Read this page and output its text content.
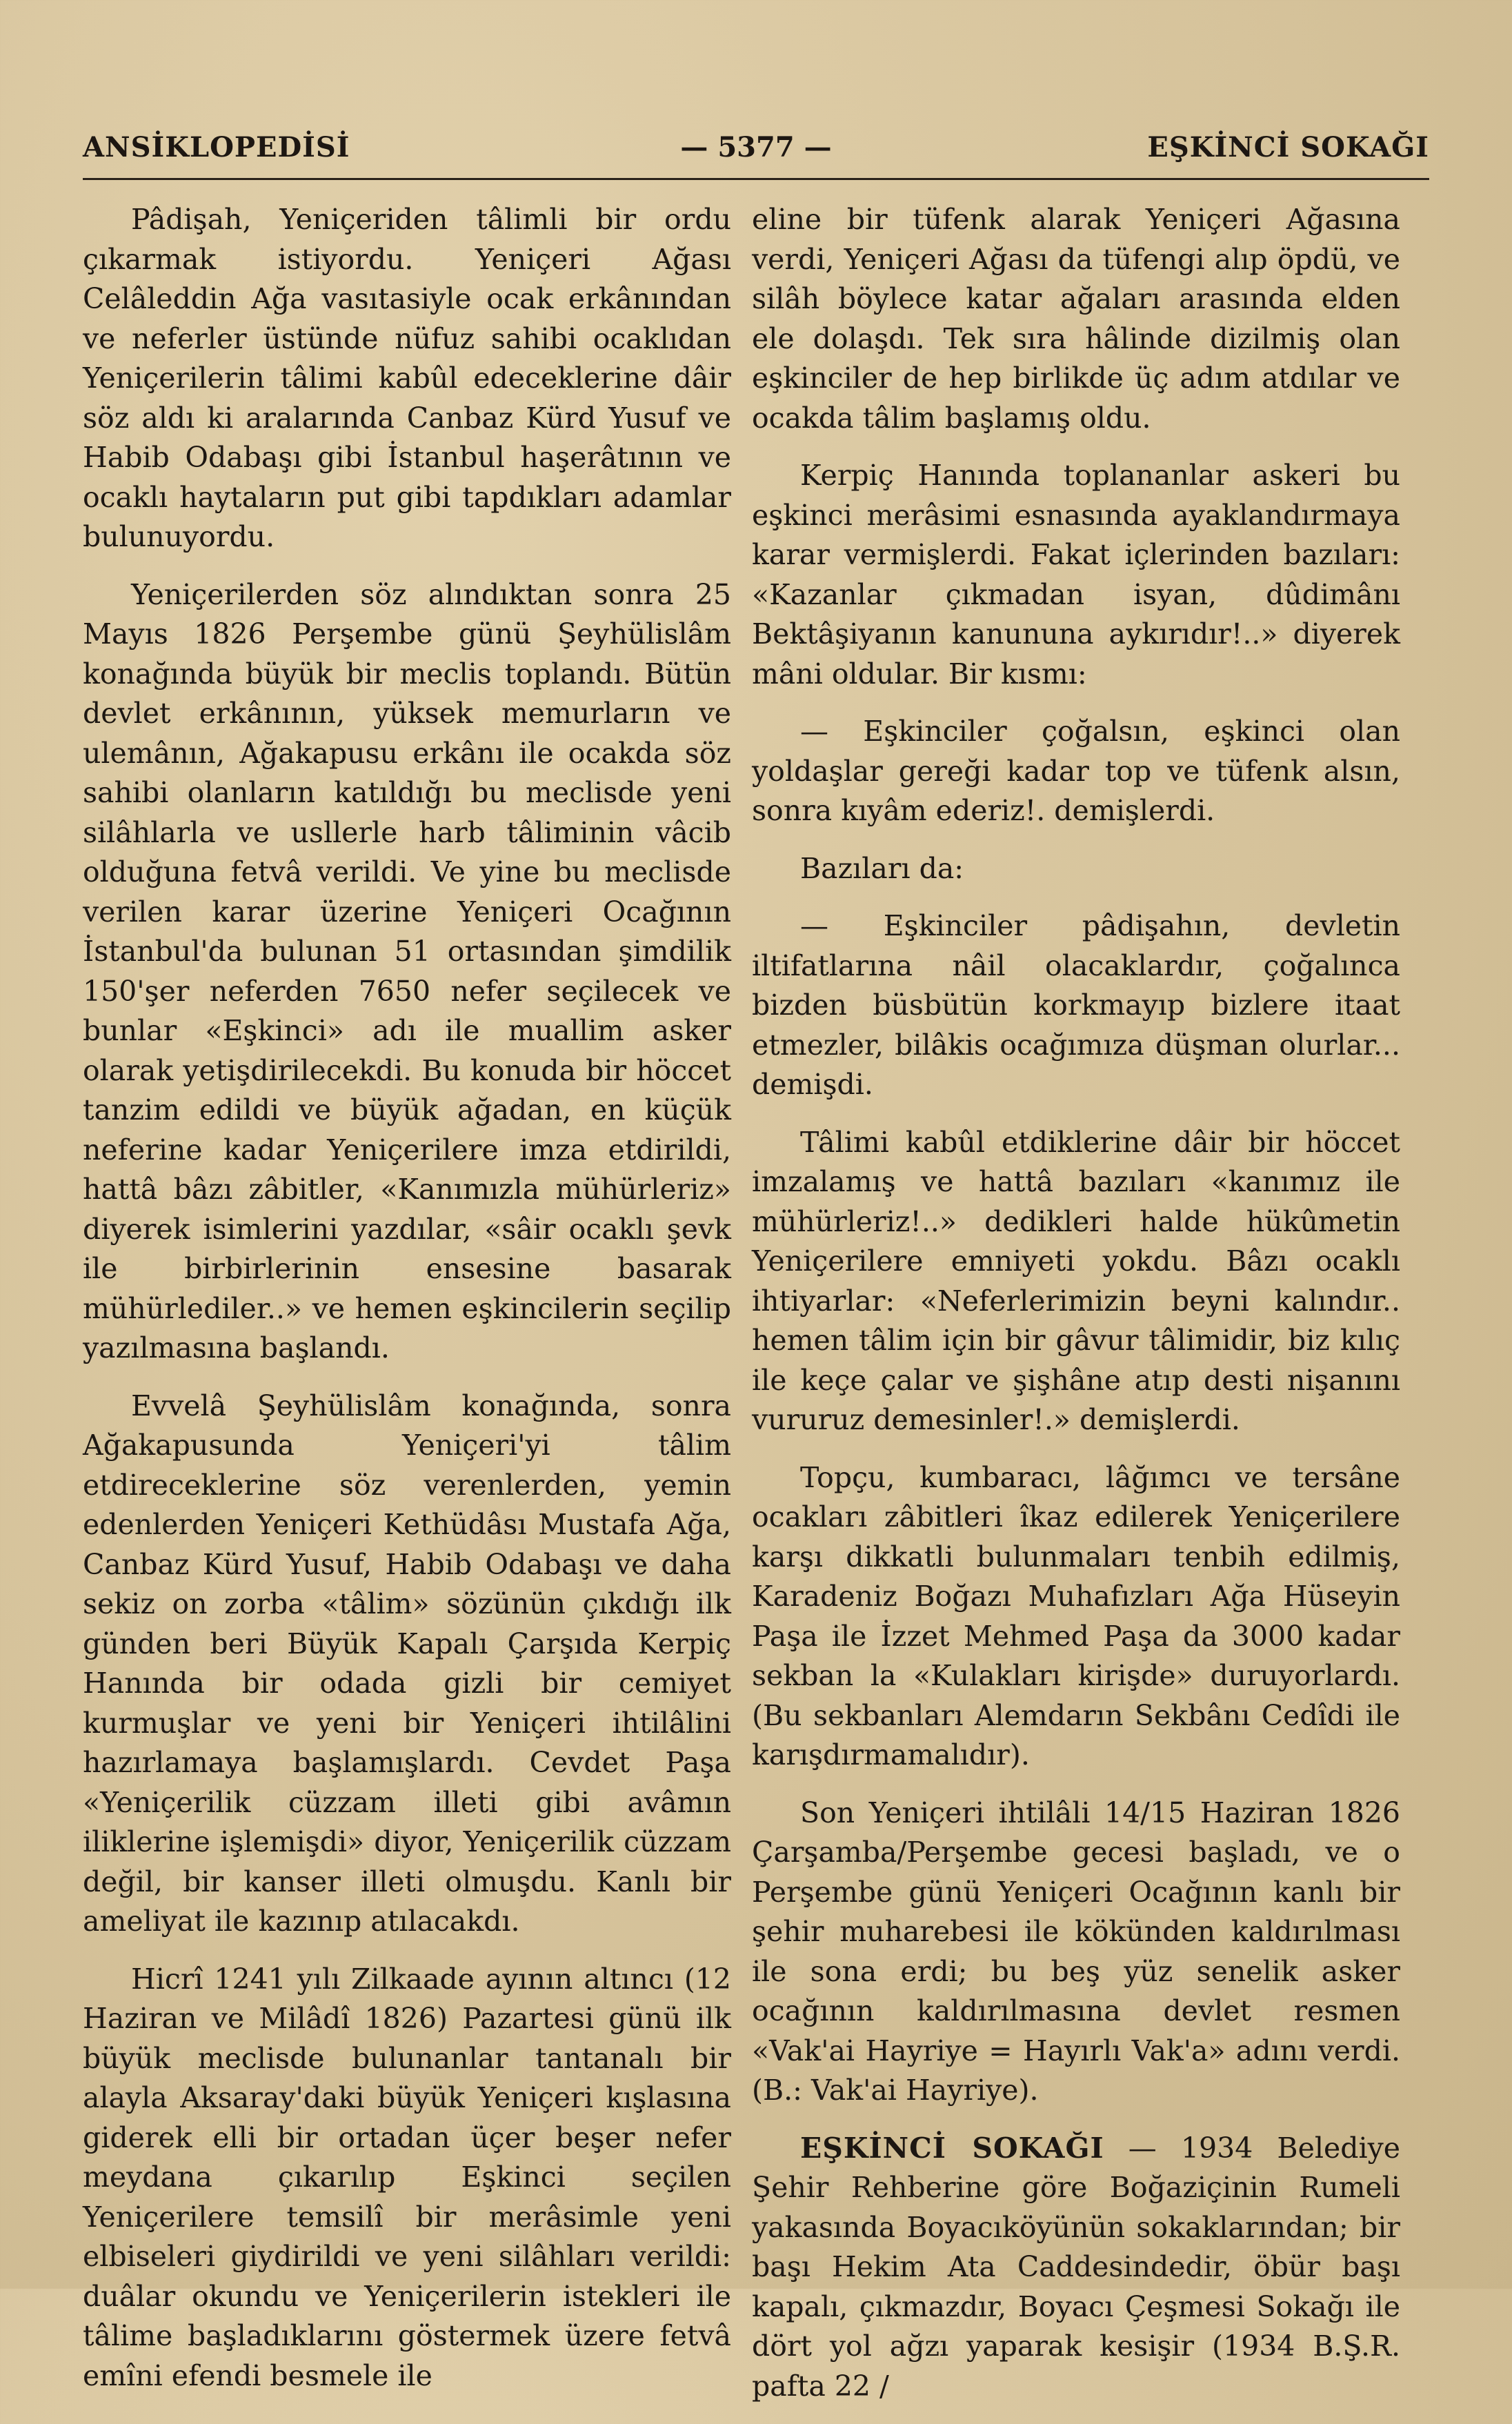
ANSİKLOPEDİSİ	— 5377 —	EŞKİNCİ SOKAĞI

Pâdişah, Yeniçeriden tâlimli bir ordu çıkarmak istiyordu. Yeniçeri Ağası Celâleddin Ağa vasıtasiyle ocak erkânından ve neferler üstünde nüfuz sahibi ocaklıdan Yeniçerilerin tâlimi kabûl edeceklerine dâir söz aldı ki aralarında Canbaz Kürd Yusuf ve Habib Odabaşı gibi İstanbul haşerâtının ve ocaklı haytaların put gibi tapdıkları adamlar bulunuyordu.

Yeniçerilerden söz alındıktan sonra 25 Mayıs 1826 Perşembe günü Şeyhülislâm konağında büyük bir meclis toplandı. Bütün devlet erkânının, yüksek memurların ve ulemânın, Ağakapusu erkânı ile ocakda söz sahibi olanların katıldığı bu meclisde yeni silâhlarla ve usllerle harb tâliminin vâcib olduğuna fetvâ verildi. Ve yine bu meclisde verilen karar üzerine Yeniçeri Ocağının İstanbul'da bulunan 51 ortasından şimdilik 150'şer neferden 7650 nefer seçilecek ve bunlar «Eşkinci» adı ile muallim asker olarak yetişdirilecekdi. Bu konuda bir höccet tanzim edildi ve büyük ağadan, en küçük neferine kadar Yeniçerilere imza etdirildi, hattâ bâzı zâbitler, «Kanımızla mühürleriz» diyerek isimlerini yazdılar, «sâir ocaklı şevk ile birbirlerinin ensesine basarak mühürlediler..» ve hemen eşkincilerin seçilip yazılmasına başlandı.

Evvelâ Şeyhülislâm konağında, sonra Ağakapusunda Yeniçeri'yi tâlim etdireceklerine söz verenlerden, yemin edenlerden Yeniçeri Kethüdâsı Mustafa Ağa, Canbaz Kürd Yusuf, Habib Odabaşı ve daha sekiz on zorba «tâlim» sözünün çıkdığı ilk günden beri Büyük Kapalı Çarşıda Kerpiç Hanında bir odada gizli bir cemiyet kurmuşlar ve yeni bir Yeniçeri ihtilâlini hazırlamaya başlamışlardı. Cevdet Paşa «Yeniçerilik cüzzam illeti gibi avâmın iliklerine işlemişdi» diyor, Yeniçerilik cüzzam değil, bir kanser illeti olmuşdu. Kanlı bir ameliyat ile kazınıp atılacakdı.

Hicrî 1241 yılı Zilkaade ayının altıncı (12 Haziran ve Milâdî 1826) Pazartesi günü ilk büyük meclisde bulunanlar tantanalı bir alayla Aksaray'daki büyük Yeniçeri kışlasına giderek elli bir ortadan üçer beşer nefer meydana çıkarılıp Eşkinci seçilen Yeniçerilere temsilî bir merâsimle yeni elbiseleri giydirildi ve yeni silâhları verildi: duâlar okundu ve Yeniçerilerin istekleri ile tâlime başladıklarını göstermek üzere fetvâ emîni efendi besmele ile

eline bir tüfenk alarak Yeniçeri Ağasına verdi, Yeniçeri Ağası da tüfengi alıp öpdü, ve silâh böylece katar ağaları arasında elden ele dolaşdı. Tek sıra hâlinde dizilmiş olan eşkinciler de hep birlikde üç adım atdılar ve ocakda tâlim başlamış oldu.

Kerpiç Hanında toplananlar askeri bu eşkinci merâsimi esnasında ayaklandırmaya karar vermişlerdi. Fakat içlerinden bazıları: «Kazanlar çıkmadan isyan, dûdimânı Bektâşiyanın kanununa aykırıdır!..» diyerek mâni oldular. Bir kısmı:

— Eşkinciler çoğalsın, eşkinci olan yoldaşlar gereği kadar top ve tüfenk alsın, sonra kıyâm ederiz!. demişlerdi.

Bazıları da:

— Eşkinciler pâdişahın, devletin iltifatlarına nâil olacaklardır, çoğalınca bizden büsbütün korkmayıp bizlere itaat etmezler, bilâkis ocağımıza düşman olurlar... demişdi.

Tâlimi kabûl etdiklerine dâir bir höccet imzalamış ve hattâ bazıları «kanımız ile mühürleriz!..» dedikleri halde hükûmetin Yeniçerilere emniyeti yokdu. Bâzı ocaklı ihtiyarlar: «Neferlerimizin beyni kalındır.. hemen tâlim için bir gâvur tâlimidir, biz kılıç ile keçe çalar ve şişhâne atıp desti nişanını vururuz demesinler!.» demişlerdi.

Topçu, kumbaracı, lâğımcı ve tersâne ocakları zâbitleri îkaz edilerek Yeniçerilere karşı dikkatli bulunmaları tenbih edilmiş, Karadeniz Boğazı Muhafızları Ağa Hüseyin Paşa ile İzzet Mehmed Paşa da 3000 kadar sekban la «Kulakları kirişde» duruyorlardı. (Bu sekbanları Alemdarın Sekbânı Cedîdi ile karışdırmamalıdır).

Son Yeniçeri ihtilâli 14/15 Haziran 1826 Çarşamba/Perşembe gecesi başladı, ve o Perşembe günü Yeniçeri Ocağının kanlı bir şehir muharebesi ile kökünden kaldırılması ile sona erdi; bu beş yüz senelik asker ocağının kaldırılmasına devlet resmen «Vak'ai Hayriye = Hayırlı Vak'a» adını verdi. (B.: Vak'ai Hayriye).

EŞKİNCİ SOKAĞI — 1934 Belediye Şehir Rehberine göre Boğaziçinin Rumeli yakasında Boyacıköyünün sokaklarından; bir başı Hekim Ata Caddesindedir, öbür başı kapalı, çıkmazdır, Boyacı Çeşmesi Sokağı ile dört yol ağzı yaparak kesişir (1934 B.Ş.R. pafta 22 /
